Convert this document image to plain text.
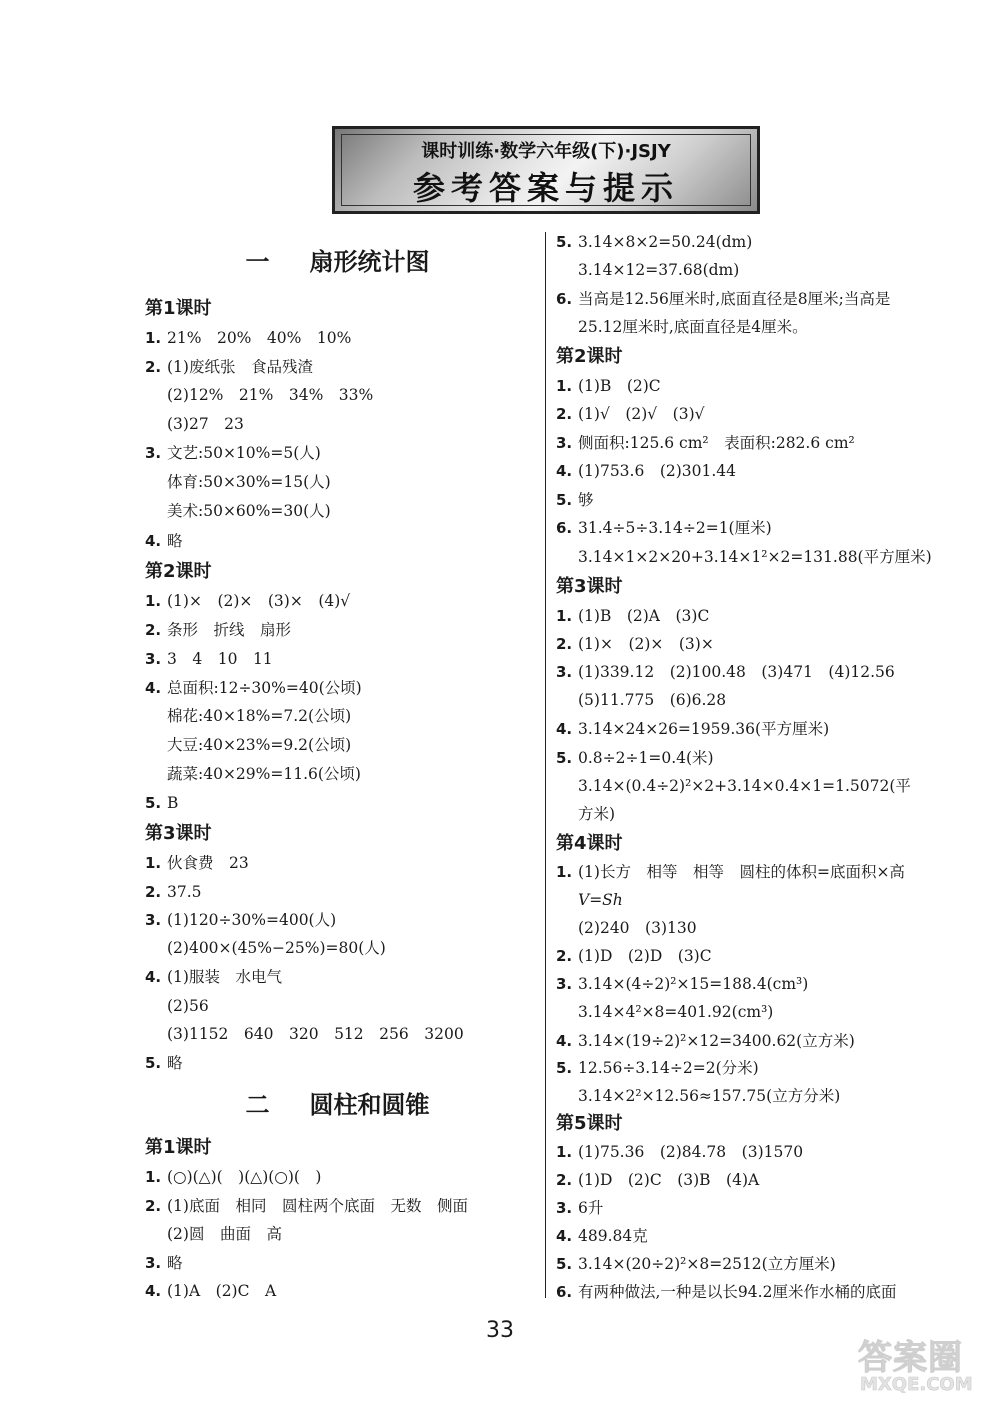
课时训练·数学六年级(下)·JSJY
参考答案与提示
一 扇形统计图
第1课时
1. 21%　20%　40%　10%
2. (1)废纸张　食品残渣
(2)12%　21%　34%　33%
(3)27　23
3. 文艺:50×10%=5(人)
体育:50×30%=15(人)
美术:50×60%=30(人)
4. 略
第2课时
1. (1)×　(2)×　(3)×　(4)√
2. 条形　折线　扇形
3. 3　4　10　11
4. 总面积:12÷30%=40(公顷)
棉花:40×18%=7.2(公顷)
大豆:40×23%=9.2(公顷)
蔬菜:40×29%=11.6(公顷)
5. B
第3课时
1. 伙食费　23
2. 37.5
3. (1)120÷30%=400(人)
(2)400×(45%−25%)=80(人)
4. (1)服装　水电气
(2)56
(3)1152　640　320　512　256　3200
5. 略
二 圆柱和圆锥
第1课时
1. (○)(△)(　)(△)(○)(　)
2. (1)底面　相同　圆柱两个底面　无数　侧面
(2)圆　曲面　高
3. 略
4. (1)A　(2)C　A
5. 3.14×8×2=50.24(dm)
3.14×12=37.68(dm)
6. 当高是12.56厘米时,底面直径是8厘米;当高是
25.12厘米时,底面直径是4厘米。
第2课时
1. (1)B　(2)C
2. (1)√　(2)√　(3)√
3. 侧面积:125.6 cm²　表面积:282.6 cm²
4. (1)753.6　(2)301.44
5. 够
6. 31.4÷5÷3.14÷2=1(厘米)
3.14×1×2×20+3.14×1²×2=131.88(平方厘米)
第3课时
1. (1)B　(2)A　(3)C
2. (1)×　(2)×　(3)×
3. (1)339.12　(2)100.48　(3)471　(4)12.56
(5)11.775　(6)6.28
4. 3.14×24×26=1959.36(平方厘米)
5. 0.8÷2÷1=0.4(米)
3.14×(0.4÷2)²×2+3.14×0.4×1=1.5072(平
方米)
第4课时
1. (1)长方　相等　相等　圆柱的体积=底面积×高
V=Sh
(2)240　(3)130
2. (1)D　(2)D　(3)C
3. 3.14×(4÷2)²×15=188.4(cm³)
3.14×4²×8=401.92(cm³)
4. 3.14×(19÷2)²×12=3400.62(立方米)
5. 12.56÷3.14÷2=2(分米)
3.14×2²×12.56≈157.75(立方分米)
第5课时
1. (1)75.36　(2)84.78　(3)1570
2. (1)D　(2)C　(3)B　(4)A
3. 6升
4. 489.84克
5. 3.14×(20÷2)²×8=2512(立方厘米)
6. 有两种做法,一种是以长94.2厘米作水桶的底面
33
答案圈
MXQE.COM
